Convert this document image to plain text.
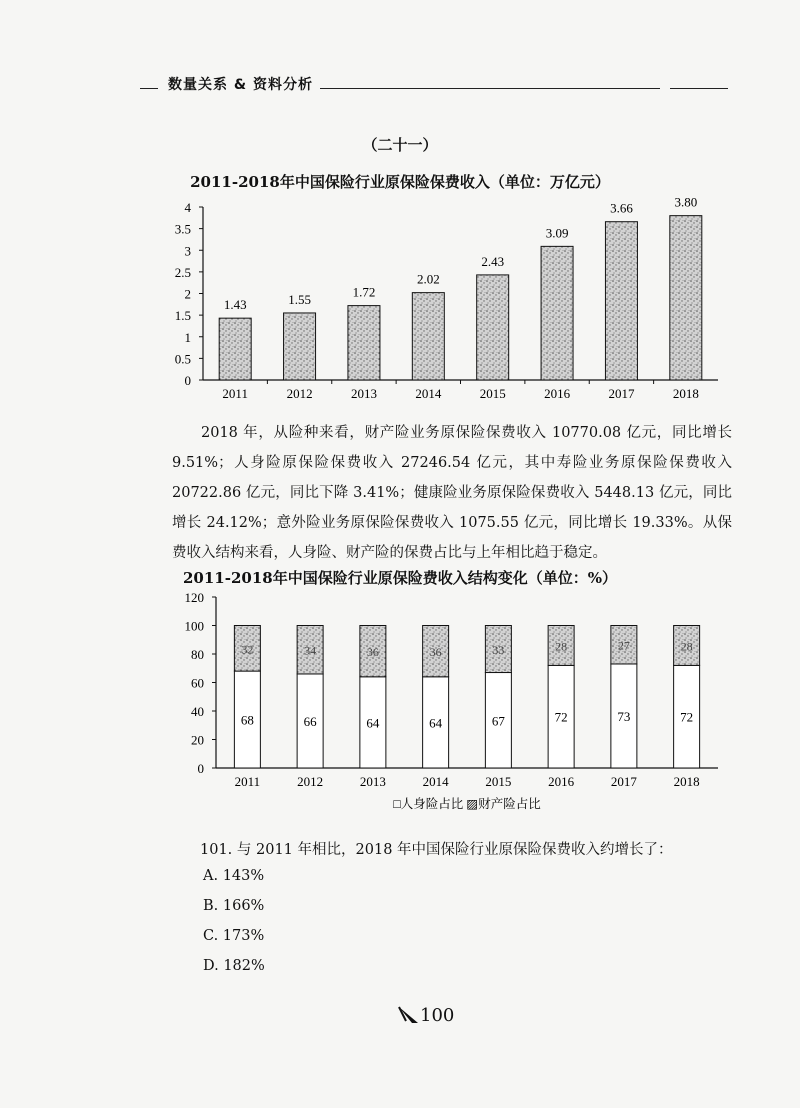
数量关系 & 资料分析
（二十一）
2011-2018年中国保险行业原保险保费收入（单位：万亿元）
0
0.5
1
1.5
2
2.5
3
3.5
4
1.43
2011
1.55
2012
1.72
2013
2.02
2014
2.43
2015
3.09
2016
3.66
2017
3.80
2018
2018 年，从险种来看，财产险业务原保险保费收入 10770.08 亿元，同比增长 9.51%；人身险原保险保费收入 27246.54 亿元，其中寿险业务原保险保费收入 20722.86 亿元，同比下降 3.41%；健康险业务原保险保费收入 5448.13 亿元，同比增长 24.12%；意外险业务原保险保费收入 1075.55 亿元，同比增长 19.33%。从保费收入结构来看，人身险、财产险的保费占比与上年相比趋于稳定。
2011-2018年中国保险行业原保险费收入结构变化（单位：%）
0
20
40
60
80
100
120
68
32
2011
66
34
2012
64
36
2013
64
36
2014
67
33
2015
72
28
2016
73
27
2017
72
28
2018
□人身险占比 ▨财产险占比
101. 与 2011 年相比，2018 年中国保险行业原保险保费收入约增长了：
A. 143%
B. 166%
C. 173%
D. 182%
100
